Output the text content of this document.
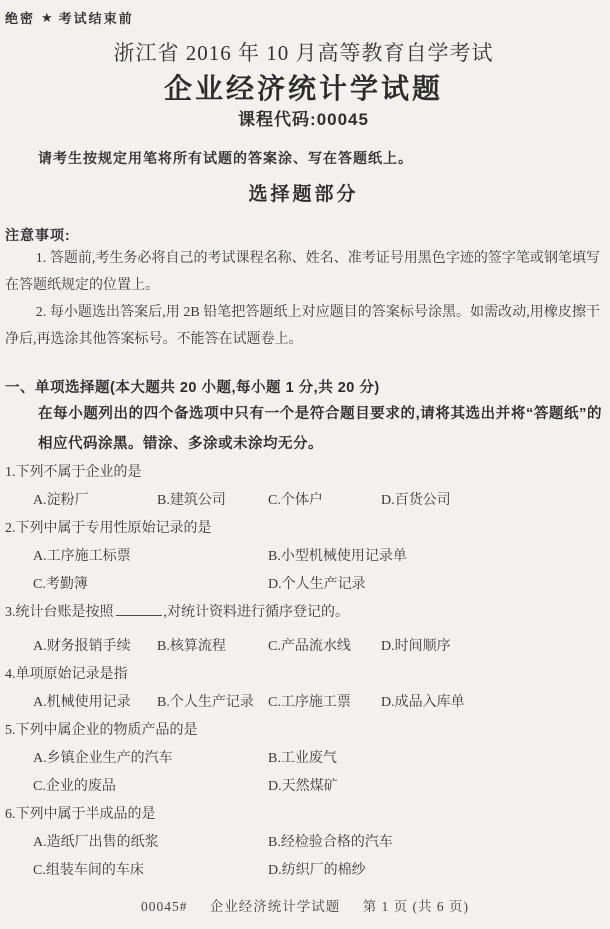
绝密 ★ 考试结束前
浙江省 2016 年 10 月高等教育自学考试
企业经济统计学试题
课程代码:00045
请考生按规定用笔将所有试题的答案涂、写在答题纸上。
选择题部分
注意事项:

1. 答题前,考生务必将自己的考试课程名称、姓名、准考证号用黑色字迹的签字笔或钢笔填写在答题纸规定的位置上。

2. 每小题选出答案后,用 2B 铅笔把答题纸上对应题目的答案标号涂黑。如需改动,用橡皮擦干净后,再选涂其他答案标号。不能答在试题卷上。

一、单项选择题(本大题共 20 小题,每小题 1 分,共 20 分)
在每小题列出的四个备选项中只有一个是符合题目要求的,请将其选出并将“答题纸”的相应代码涂黑。错涂、多涂或未涂均无分。
1.下列不属于企业的是
A.淀粉厂	B.建筑公司	C.个体户	D.百货公司
2.下列中属于专用性原始记录的是
A.工序施工标票	B.小型机械使用记录单
C.考勤簿	D.个人生产记录
3.统计台账是按照	,对统计资料进行循序登记的。
A.财务报销手续	B.核算流程	C.产品流水线	D.时间顺序
4.单项原始记录是指
A.机械使用记录	B.个人生产记录	C.工序施工票	D.成品入库单
5.下列中属企业的物质产品的是
A.乡镇企业生产的汽车	B.工业废气
C.企业的废品	D.天然煤矿
6.下列中属于半成品的是
A.造纸厂出售的纸浆	B.经检验合格的汽车
C.组装车间的车床	D.纺织厂的棉纱
00045# 企业经济统计学试题 第 1 页 (共 6 页)
